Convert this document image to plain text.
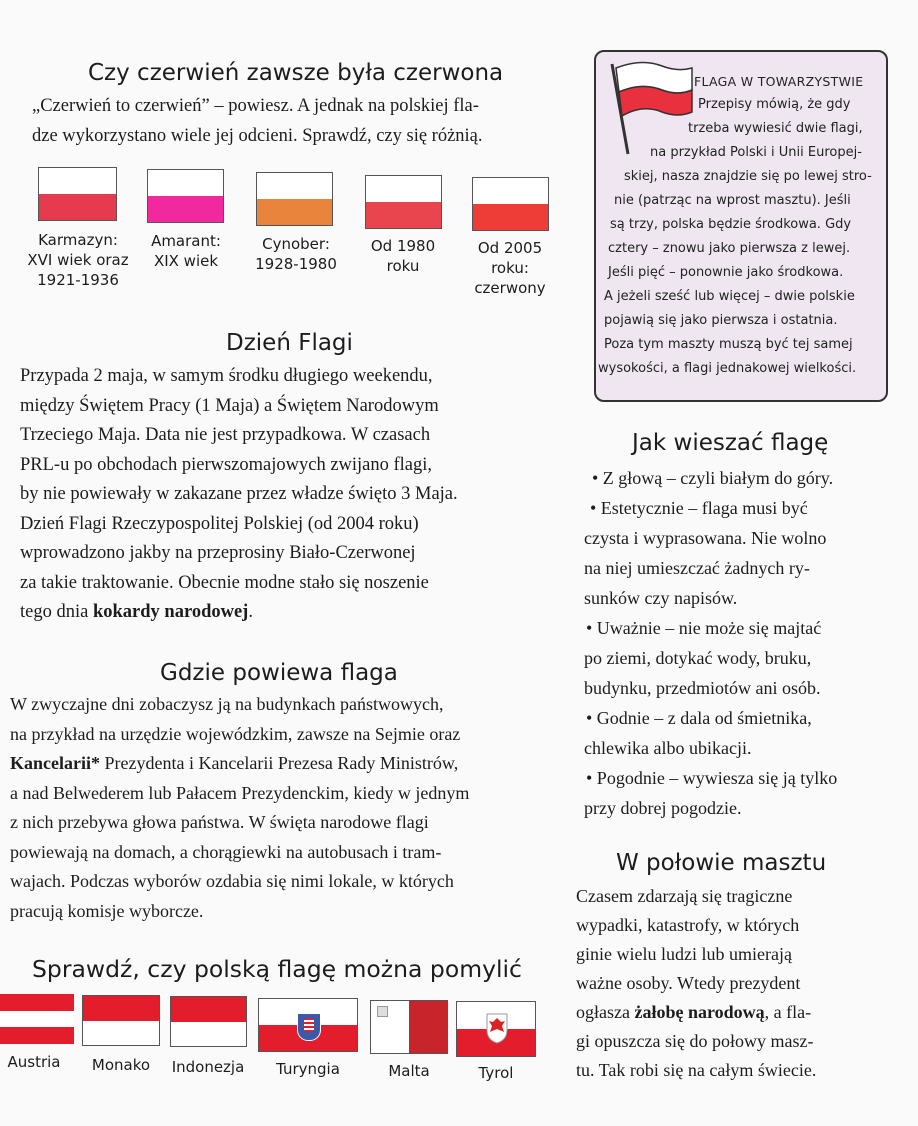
Czy czerwień zawsze była czerwona
„Czerwień to czerwień” – powiesz. A jednak na polskiej fla-
dze wykorzystano wiele jej odcieni. Sprawdź, czy się różnią.
Karmazyn:
XVI wiek oraz
1921-1936
Amarant:
XIX wiek
Cynober:
1928-1980
Od 1980
roku
Od 2005
roku:
czerwony
Dzień Flagi
Przypada 2 maja, w samym środku długiego weekendu,
między Świętem Pracy (1 Maja) a Świętem Narodowym
Trzeciego Maja. Data nie jest przypadkowa. W czasach
PRL-u po obchodach pierwszomajowych zwijano flagi,
by nie powiewały w zakazane przez władze święto 3 Maja.
Dzień Flagi Rzeczypospolitej Polskiej (od 2004 roku)
wprowadzono jakby na przeprosiny Biało-Czerwonej
za takie traktowanie. Obecnie modne stało się noszenie
tego dnia kokardy narodowej.
Gdzie powiewa flaga
W zwyczajne dni zobaczysz ją na budynkach państwowych,
na przykład na urzędzie wojewódzkim, zawsze na Sejmie oraz
Kancelarii* Prezydenta i Kancelarii Prezesa Rady Ministrów,
a nad Belwederem lub Pałacem Prezydenckim, kiedy w jednym
z nich przebywa głowa państwa. W święta narodowe flagi
powiewają na domach, a chorągiewki na autobusach i tram-
wajach. Podczas wyborów ozdabia się nimi lokale, w których
pracują komisje wyborcze.
Sprawdź, czy polską flagę można pomylić
Austria	Monako	Indonezja	Turyngia	Malta	Tyrol
FLAGA W TOWARZYSTWIE
Przepisy mówią, że gdy
trzeba wywiesić dwie flagi,
na przykład Polski i Unii Europej-
skiej, nasza znajdzie się po lewej stro-
nie (patrząc na wprost masztu). Jeśli
są trzy, polska będzie środkowa. Gdy
cztery – znowu jako pierwsza z lewej.
Jeśli pięć – ponownie jako środkowa.
A jeżeli sześć lub więcej – dwie polskie
pojawią się jako pierwsza i ostatnia.
Poza tym maszty muszą być tej samej
wysokości, a flagi jednakowej wielkości.
Jak wieszać flagę
• Z głową – czyli białym do góry.
• Estetycznie – flaga musi być
czysta i wyprasowana. Nie wolno
na niej umieszczać żadnych ry-
sunków czy napisów.
• Uważnie – nie może się majtać
po ziemi, dotykać wody, bruku,
budynku, przedmiotów ani osób.
• Godnie – z dala od śmietnika,
chlewika albo ubikacji.
• Pogodnie – wywiesza się ją tylko
przy dobrej pogodzie.
W połowie masztu
Czasem zdarzają się tragiczne
wypadki, katastrofy, w których
ginie wielu ludzi lub umierają
ważne osoby. Wtedy prezydent
ogłasza żałobę narodową, a fla-
gi opuszcza się do połowy masz-
tu. Tak robi się na całym świecie.
